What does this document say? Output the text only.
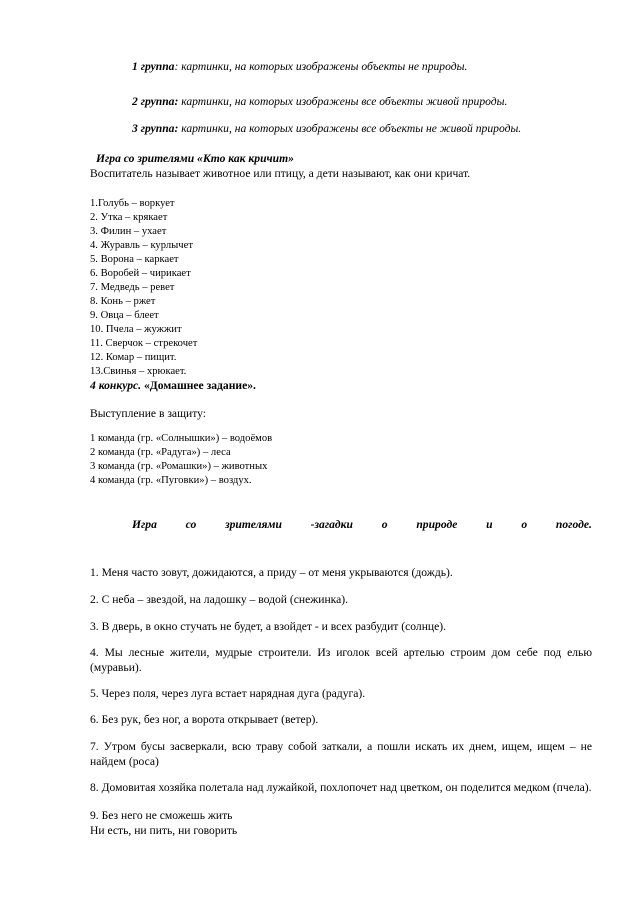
1 группа: картинки, на которых изображены объекты не природы.
2 группа: картинки, на которых изображены все объекты живой природы.
3 группа: картинки, на которых изображены все объекты не живой природы.
Игра со зрителями «Кто как кричит»
Воспитатель называет животное или птицу, а дети называют, как они кричат.
1.Голубь – воркует
2. Утка – крякает
3. Филин – ухает
4. Журавль – курлычет
5. Ворона – каркает
6. Воробей – чирикает
7. Медведь – ревет
8. Конь – ржет
9. Овца – блеет
10. Пчела – жужжит
11. Сверчок – стрекочет
12. Комар – пищит.
13.Свинья – хрюкает.
4 конкурс. «Домашнее задание».
Выступление в защиту:
1 команда (гр. «Солнышки») – водоёмов
2 команда (гр. «Радуга») – леса
3 команда (гр. «Ромашки») – животных
4 команда (гр. «Пуговки») – воздух.
Игра со зрителями -загадки о природе и о погоде.
1. Меня часто зовут, дожидаются, а приду – от меня укрываются (дождь).
2. С неба – звездой, на ладошку – водой (снежинка).
3. В дверь, в окно стучать не будет, а взойдет - и всех разбудит (солнце).
4. Мы лесные жители, мудрые строители. Из иголок всей артелью строим дом себе под елью (муравьи).
5. Через поля, через луга встает нарядная дуга (радуга).
6. Без рук, без ног, а ворота открывает (ветер).
7. Утром бусы засверкали, всю траву собой заткали, а пошли искать их днем, ищем, ищем – не найдем (роса)
8. Домовитая хозяйка полетала над лужайкой, похлопочет над цветком, он поделится медком (пчела).
9. Без него не сможешь жить
Ни есть, ни пить, ни говорить
